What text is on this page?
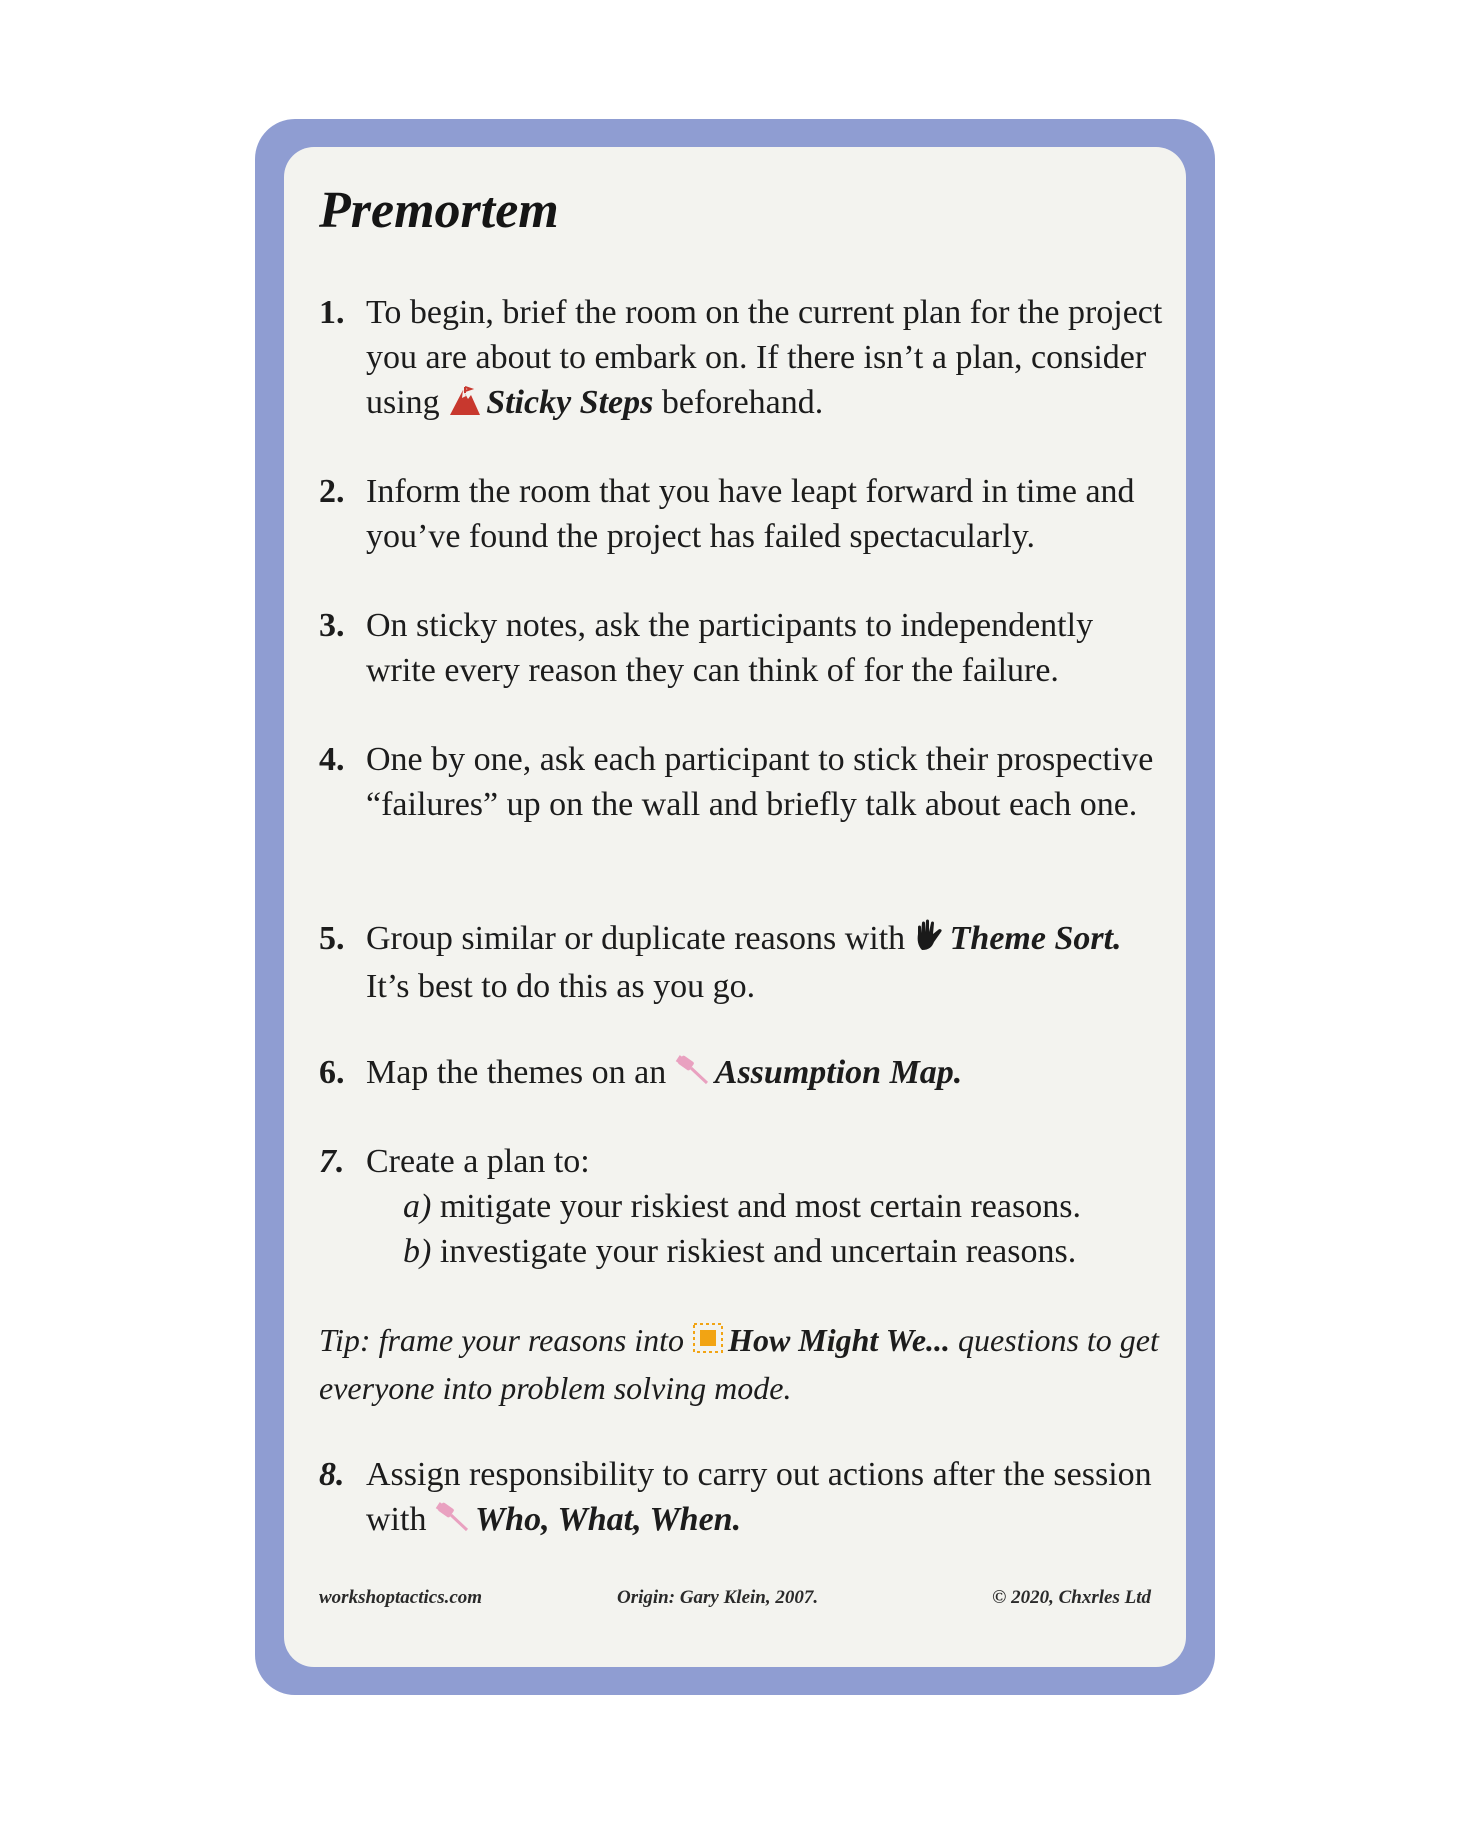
Premortem
1. To begin, brief the room on the current plan for the project you are about to embark on. If there isn’t a plan, consider using Sticky Steps beforehand.
2. Inform the room that you have leapt forward in time and you’ve found the project has failed spectacularly.
3. On sticky notes, ask the participants to independently write every reason they can think of for the failure.
4. One by one, ask each participant to stick their prospective “failures” up on the wall and briefly talk about each one.
5. Group similar or duplicate reasons with Theme Sort. It’s best to do this as you go.
6. Map the themes on an Assumption Map.
7. Create a plan to:
a) mitigate your riskiest and most certain reasons.
b) investigate your riskiest and uncertain reasons.
Tip: frame your reasons into How Might We... questions to get everyone into problem solving mode.
8. Assign responsibility to carry out actions after the session with Who, What, When.
workshoptactics.com	Origin: Gary Klein, 2007.	© 2020, Chxrles Ltd
